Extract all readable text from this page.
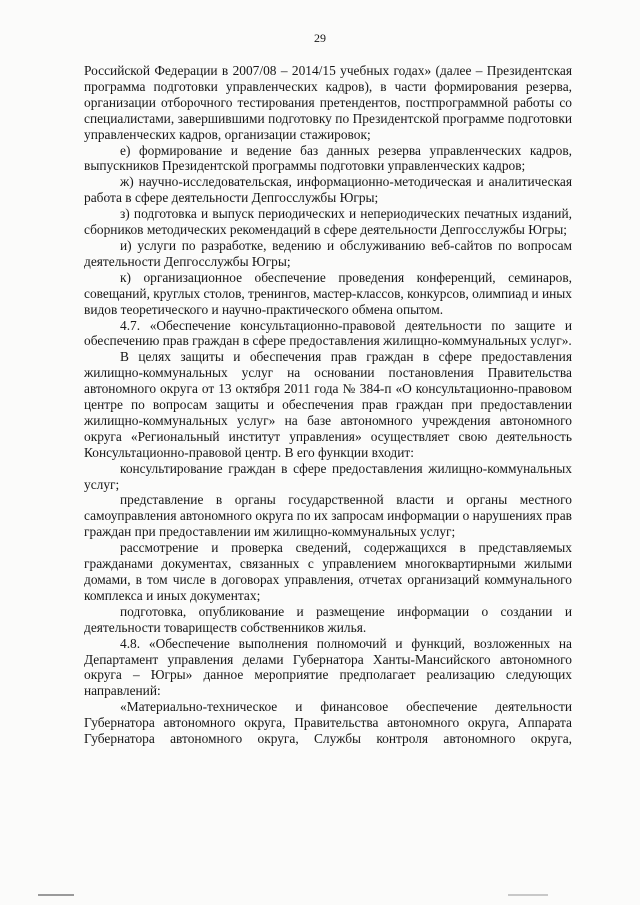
29

Российской Федерации в 2007/08 – 2014/15 учебных годах» (далее – Президентская программа подготовки управленческих кадров), в части формирования резерва, организации отборочного тестирования претендентов, постпрограммной работы со специалистами, завершившими подготовку по Президентской программе подготовки управленческих кадров, организации стажировок;

е) формирование и ведение баз данных резерва управленческих кадров, выпускников Президентской программы подготовки управленческих кадров;

ж) научно-исследовательская, информационно-методическая и аналитическая работа в сфере деятельности Депгосслужбы Югры;

з) подготовка и выпуск периодических и непериодических печатных изданий, сборников методических рекомендаций в сфере деятельности Депгосслужбы Югры;

и) услуги по разработке, ведению и обслуживанию веб-сайтов по вопросам деятельности Депгосслужбы Югры;

к) организационное обеспечение проведения конференций, семинаров, совещаний, круглых столов, тренингов, мастер-классов, конкурсов, олимпиад и иных видов теоретического и научно-практического обмена опытом.

4.7. «Обеспечение консультационно-правовой деятельности по защите и обеспечению прав граждан в сфере предоставления жилищно-коммунальных услуг».

В целях защиты и обеспечения прав граждан в сфере предоставления жилищно-коммунальных услуг на основании постановления Правительства автономного округа от 13 октября 2011 года № 384-п «О консультационно-правовом центре по вопросам защиты и обеспечения прав граждан при предоставлении жилищно-коммунальных услуг» на базе автономного учреждения автономного округа «Региональный институт управления» осуществляет свою деятельность Консультационно-правовой центр. В его функции входит:

консультирование граждан в сфере предоставления жилищно-коммунальных услуг;

представление в органы государственной власти и органы местного самоуправления автономного округа по их запросам информации о нарушениях прав граждан при предоставлении им жилищно-коммунальных услуг;

рассмотрение и проверка сведений, содержащихся в представляемых гражданами документах, связанных с управлением многоквартирными жилыми домами, в том числе в договорах управления, отчетах организаций коммунального комплекса и иных документах;

подготовка, опубликование и размещение информации о создании и деятельности товариществ собственников жилья.

4.8. «Обеспечение выполнения полномочий и функций, возложенных на Департамент управления делами Губернатора Ханты-Мансийского автономного округа – Югры» данное мероприятие предполагает реализацию следующих направлений:

«Материально-техническое и финансовое обеспечение деятельности Губернатора автономного округа, Правительства автономного округа, Аппарата Губернатора автономного округа, Службы контроля автономного округа,
